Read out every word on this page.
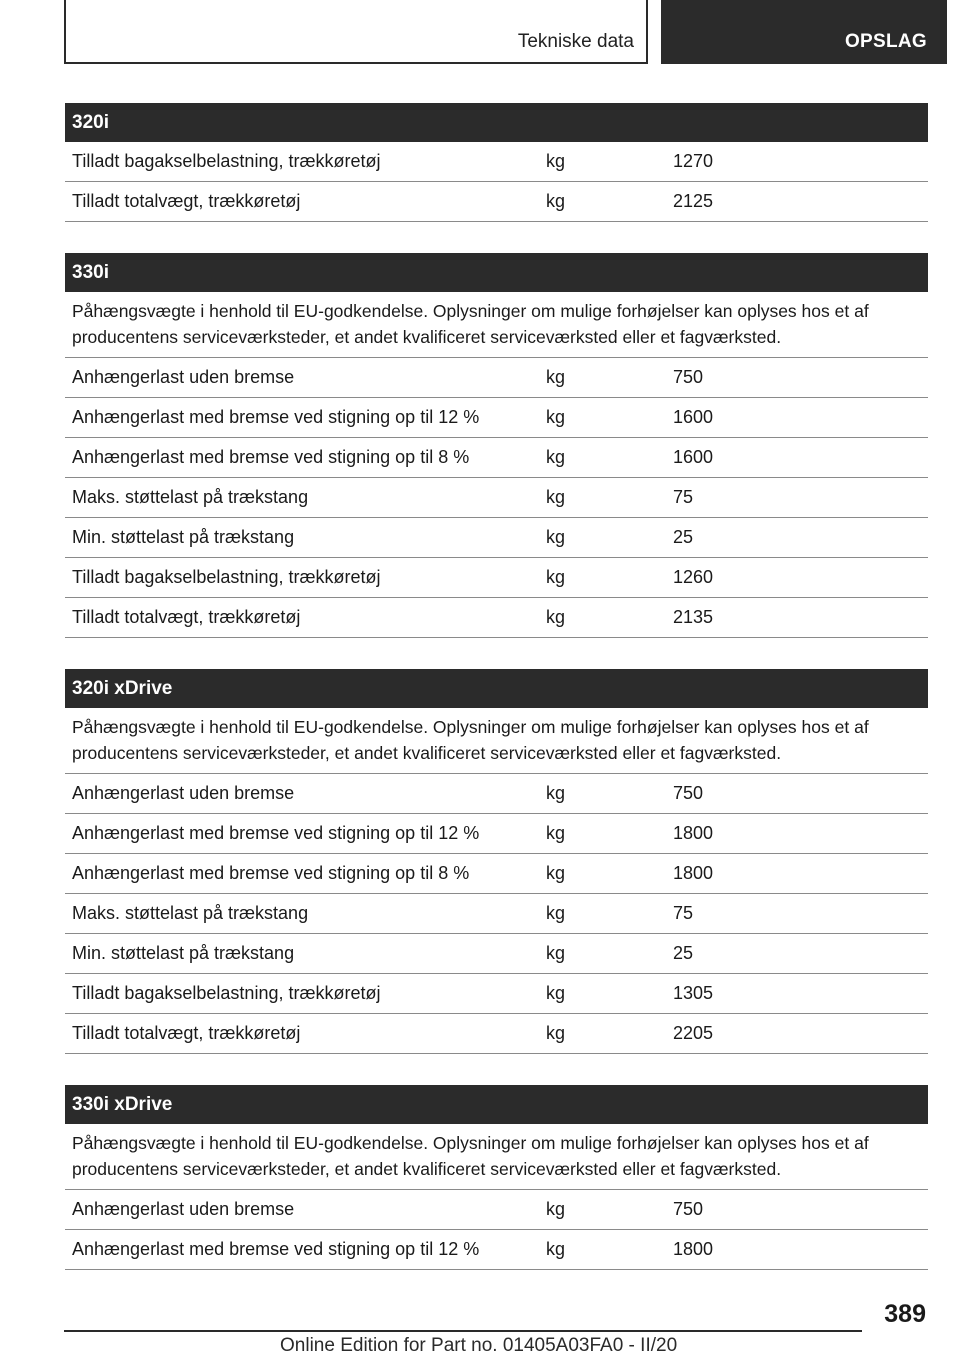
Tekniske data	OPSLAG
320i
Tilladt bagakselbelastning, trækkøretøj	kg	1270
Tilladt totalvægt, trækkøretøj	kg	2125
330i
Påhængsvægte i henhold til EU-godkendelse. Oplysninger om mulige forhøjelser kan oplyses hos et af producentens serviceværksteder, et andet kvalificeret serviceværksted eller et fagværksted.
Anhængerlast uden bremse	kg	750
Anhængerlast med bremse ved stigning op til 12 %	kg	1600
Anhængerlast med bremse ved stigning op til 8 %	kg	1600
Maks. støttelast på trækstang	kg	75
Min. støttelast på trækstang	kg	25
Tilladt bagakselbelastning, trækkøretøj	kg	1260
Tilladt totalvægt, trækkøretøj	kg	2135
320i xDrive
Påhængsvægte i henhold til EU-godkendelse. Oplysninger om mulige forhøjelser kan oplyses hos et af producentens serviceværksteder, et andet kvalificeret serviceværksted eller et fagværksted.
Anhængerlast uden bremse	kg	750
Anhængerlast med bremse ved stigning op til 12 %	kg	1800
Anhængerlast med bremse ved stigning op til 8 %	kg	1800
Maks. støttelast på trækstang	kg	75
Min. støttelast på trækstang	kg	25
Tilladt bagakselbelastning, trækkøretøj	kg	1305
Tilladt totalvægt, trækkøretøj	kg	2205
330i xDrive
Påhængsvægte i henhold til EU-godkendelse. Oplysninger om mulige forhøjelser kan oplyses hos et af producentens serviceværksteder, et andet kvalificeret serviceværksted eller et fagværksted.
Anhængerlast uden bremse	kg	750
Anhængerlast med bremse ved stigning op til 12 %	kg	1800
389
Online Edition for Part no. 01405A03FA0 - II/20
